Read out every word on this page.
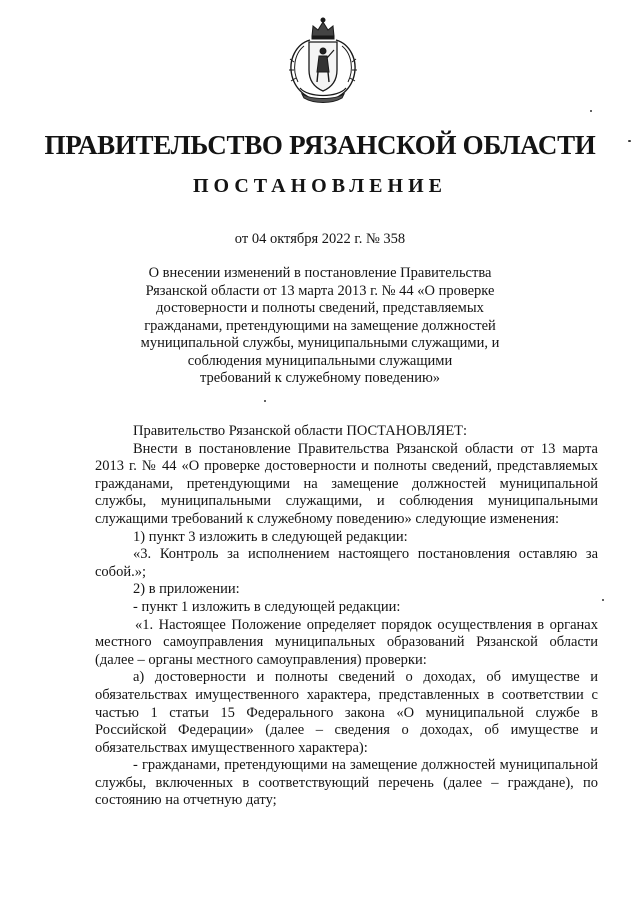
ПРАВИТЕЛЬСТВО РЯЗАНСКОЙ ОБЛАСТИ
ПОСТАНОВЛЕНИЕ
от 04 октября 2022 г. № 358
О внесении изменений в постановление Правительства
Рязанской области от 13 марта 2013 г. № 44 «О проверке
достоверности и полноты сведений, представляемых
гражданами, претендующими на замещение должностей
муниципальной службы, муниципальными служащими, и
соблюдения муниципальными служащими
требований к служебному поведению»

Правительство Рязанской области ПОСТАНОВЛЯЕТ:

Внести в постановление Правительства Рязанской области от 13 марта 2013 г. № 44 «О проверке достоверности и полноты сведений, представляемых гражданами, претендующими на замещение должностей муниципальной службы, муниципальными служащими, и соблюдения муниципальными служащими требований к служебному поведению» следующие изменения:

1) пункт 3 изложить в следующей редакции:

«3. Контроль за исполнением настоящего постановления оставляю за собой.»;

2) в приложении:

- пункт 1 изложить в следующей редакции:

«1. Настоящее Положение определяет порядок осуществления в органах местного самоуправления муниципальных образований Рязанской области (далее – органы местного самоуправления) проверки:

а) достоверности и полноты сведений о доходах, об имуществе и обязательствах имущественного характера, представленных в соответствии с частью 1 статьи 15 Федерального закона «О муниципальной службе в Российской Федерации» (далее – сведения о доходах, об имуществе и обязательствах имущественного характера):

- гражданами, претендующими на замещение должностей муниципальной службы, включенных в соответствующий перечень (далее – граждане), по состоянию на отчетную дату;
